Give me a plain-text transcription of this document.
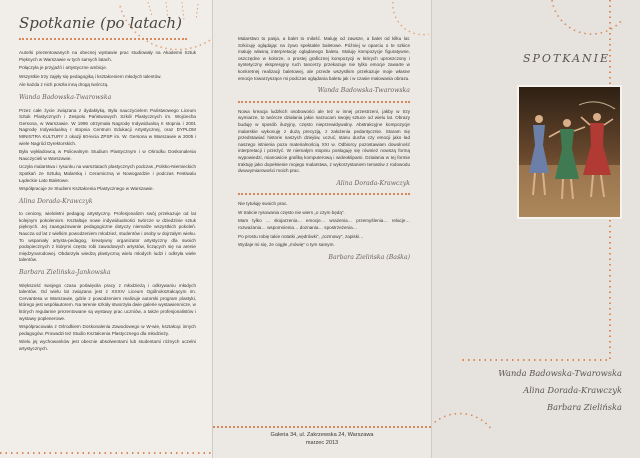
Spotkanie (po latach)

Autorki prezentowanych na obecnej wystawie prac studiowały na Akademii Sztuk Pięknych w Warszawie w tych samych latach.

Połączyła je przyjaźń i artystyczne ambicje.

Wszystkie trzy zajęły się pedagogiką i kształceniem młodych talentów.

Ale każda z nich poszła inną drogą twórczą.

Wanda Badowska-Twarowska

Przez całe życie związana z dydaktyką. Była nauczycielem Państwowego Liceum Sztuk Plastycznych i Zespołu Państwowych Szkół Plastycznych im. Wojciecha Gersona, w Warszawie. W 1996 otrzymała Nagrodę Indywidualną II stopnia i 2001 Nagrodę Indywidualną I stopnia Centrum Edukacji Artystycznej, oraz DYPLOM MINISTRA KULTURY z okazji 60-lecia ZPSP im. W. Gersona w Warszawie w 2005 i wiele Nagród Dyrektorskich.

Była wykładowcą w Policealnym Studium Plastycznym i w Ośrodku Doskonalenia Nauczycieli w Warszawie.

Uczyła malarstwa i rysunku na warsztatach plastycznych podczas „Polsko-Niemieckich Spotkań ze Sztuką Malarską i Ceramiczną w Nowogardzie i podczas Festiwalu Łądeckie Lato Baletowe.

Współpracuje ze Studiem Kształcenia Plastycznego w Warszawie.

Alina Dorada-Krawczyk

to ceniony, wieloletni pedagog artystyczny. Profesjonalizm swój przekazuje od lat kolejnym pokoleniom. Kształtuje nowe indywidualności twórcze w dziedzinie sztuk pięknych. Jej zaangażowanie pedagogiczne dotyczy niemalże wszystkich pokoleń. Naucza od lat z wielkim powodzeniem młodzież, studentów i osoby w dojrzałym wieku. To wspaniały artysta-pedagog, kreatywny organizator artystyczny dla swoich podopiecznych z którymi często robi zawodowych artystów, liczących się na arenie międzynarodowej. Obdarzyła wiedzą plastyczną wielu młodych ludzi i odkryła wiele talentów.

Barbara Zielińska-Jankowska

Większość swojego czasu poświęciła pracy z młodzieżą i odkrywaniu młodych talentów. Od wielu lat związana jest z XXXIV Liceum Ogólnokształcącym im. Cervantesa w Warszawie, gdzie z powodzeniem realizuje autorski program plastyki, którego jest współautorem. Na terenie szkoły stworzyła dwie galerie wystawiennicze, w których regularnie prezentowane są wystawy prac uczniów, a także profesjonalistów i wystawy poplenerowe.

Współpracowała z Ośrodkiem Doskonalenia Zawodowego w W-wie, kształcąc innych pedagogów. Prowadzi też Studio Kształcenia Plastycznego dla młodzieży.

Wielu jej wychowanków jest obecnie absolwentami lub studentami różnych uczelni artystycznych.

Malarstwo to pasja, a balet to miłość. Maluję od zawsze, a balet od kilku lat. Szkicuję oglądając na żywo spektakle baletowe. Później w oparciu o te szkice maluję własną interpretację oglądanego baletu. Maluję kompozycje figuratywne, oszczędne w kolorze, o prostej graficznej kompozycji w których uproszczony i syntetyczny ekspresyjny ruch tancerzy przekazuje nie tylko emocje zawarte w konkretnej realizacji baletowej, ale przede wszystkim przekazuje moje własne emocje towarzyszące mi podczas oglądania baletu jak i w czasie malowania obrazu.

Wanda Badowska-Twarowska

Nowa kreacja ludzkich osobowości ale też w innej przestrzeni, jakby w trzy wymiarze, to twórcze działania jakie narzucam swojej sztuce od wielu lat. Obrazy buduję w sposób iluzyjny, często nieprzewidywalny. Abstrakcyjne kompozycje malarskie wykonuję z dużą precyzją, z założenia pedantycznie. Staram się przedstawiać historie naszych dziejów, uczuć, stanu ducha czy emocji jako ład naszego istnienia poza materialnością XXI w. Odbiorcy pozostawiam dowolność interpretacji i przeżyć. W niemałym stopniu posługuję się również nowszą formą wypowiedzi, mianowicie grafiką komputerową i wideoklipami. Działania w tej formie traktuję jako dopełnienie mojego malarstwa, z wykorzystaniem tematów z rodowodu dwuwymiarowości moich prac.

Alina Dorada-Krawczyk

Nie tytułuję swoich prac.

W trakcie rysowania często nie wiem „o czym będą”.

Mam tylko … skojarzenia… emocje… wrażenia… przemyślenia… relacje… rozważania… wspomnienia… doznania… spostrzeżenia…

Po prostu robię takie notatki „wędrówki”, „rozmowy”, zapiski…

Wydaje mi się, że ciągle „mówię” o tym samym.

Barbara Zielińska (Baśka)
Galeria 34, ul. Zakrzewska 24, Warszawa
marzec 2013
SPOTKANIE
Wanda Badowska-Twarowska
Alina Dorada-Krawczyk
Barbara Zielińska
